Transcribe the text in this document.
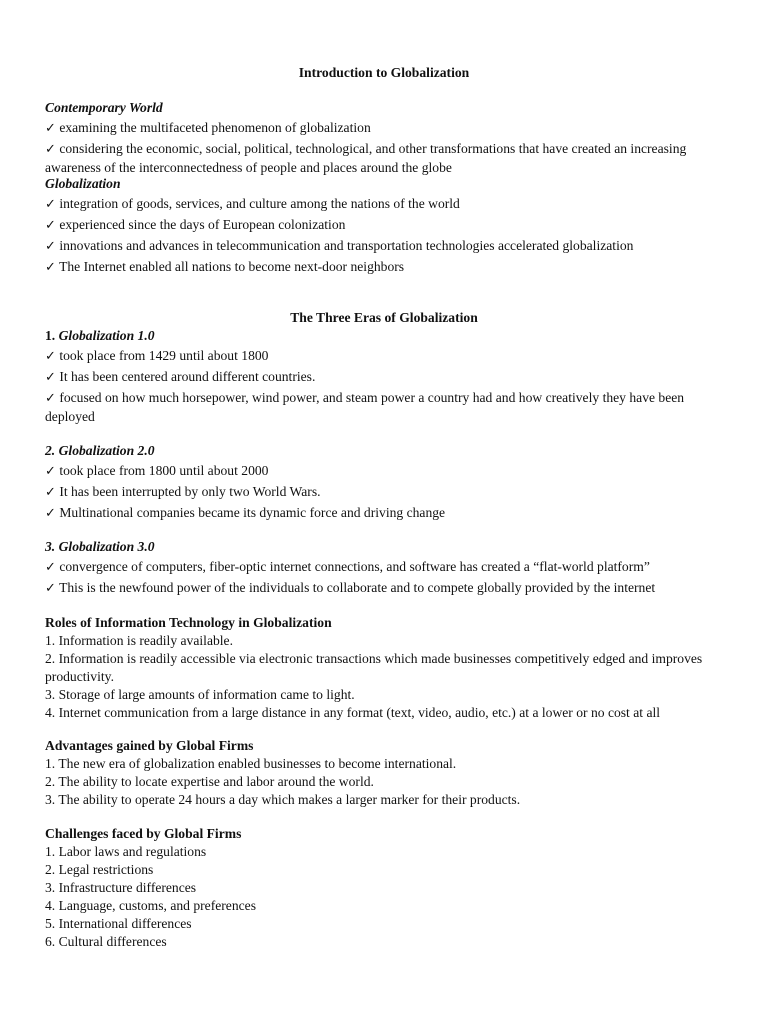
Introduction to Globalization
Contemporary World
✓ examining the multifaceted phenomenon of globalization
✓ considering the economic, social, political, technological, and other transformations that have created an increasing awareness of the interconnectedness of people and places around the globe
Globalization
✓ integration of goods, services, and culture among the nations of the world
✓ experienced since the days of European colonization
✓ innovations and advances in telecommunication and transportation technologies accelerated globalization
✓ The Internet enabled all nations to become next-door neighbors
The Three Eras of Globalization
1. Globalization 1.0
✓ took place from 1429 until about 1800
✓ It has been centered around different countries.
✓ focused on how much horsepower, wind power, and steam power a country had and how creatively they have been deployed
2. Globalization 2.0
✓ took place from 1800 until about 2000
✓ It has been interrupted by only two World Wars.
✓ Multinational companies became its dynamic force and driving change
3. Globalization 3.0
✓ convergence of computers, fiber-optic internet connections, and software has created a “flat-world platform”
✓ This is the newfound power of the individuals to collaborate and to compete globally provided by the internet
Roles of Information Technology in Globalization
1. Information is readily available.
2. Information is readily accessible via electronic transactions which made businesses competitively edged and improves productivity.
3. Storage of large amounts of information came to light.
4. Internet communication from a large distance in any format (text, video, audio, etc.) at a lower or no cost at all
Advantages gained by Global Firms
1. The new era of globalization enabled businesses to become international.
2. The ability to locate expertise and labor around the world.
3. The ability to operate 24 hours a day which makes a larger marker for their products.
Challenges faced by Global Firms
1. Labor laws and regulations
2. Legal restrictions
3. Infrastructure differences
4. Language, customs, and preferences
5. International differences
6. Cultural differences
